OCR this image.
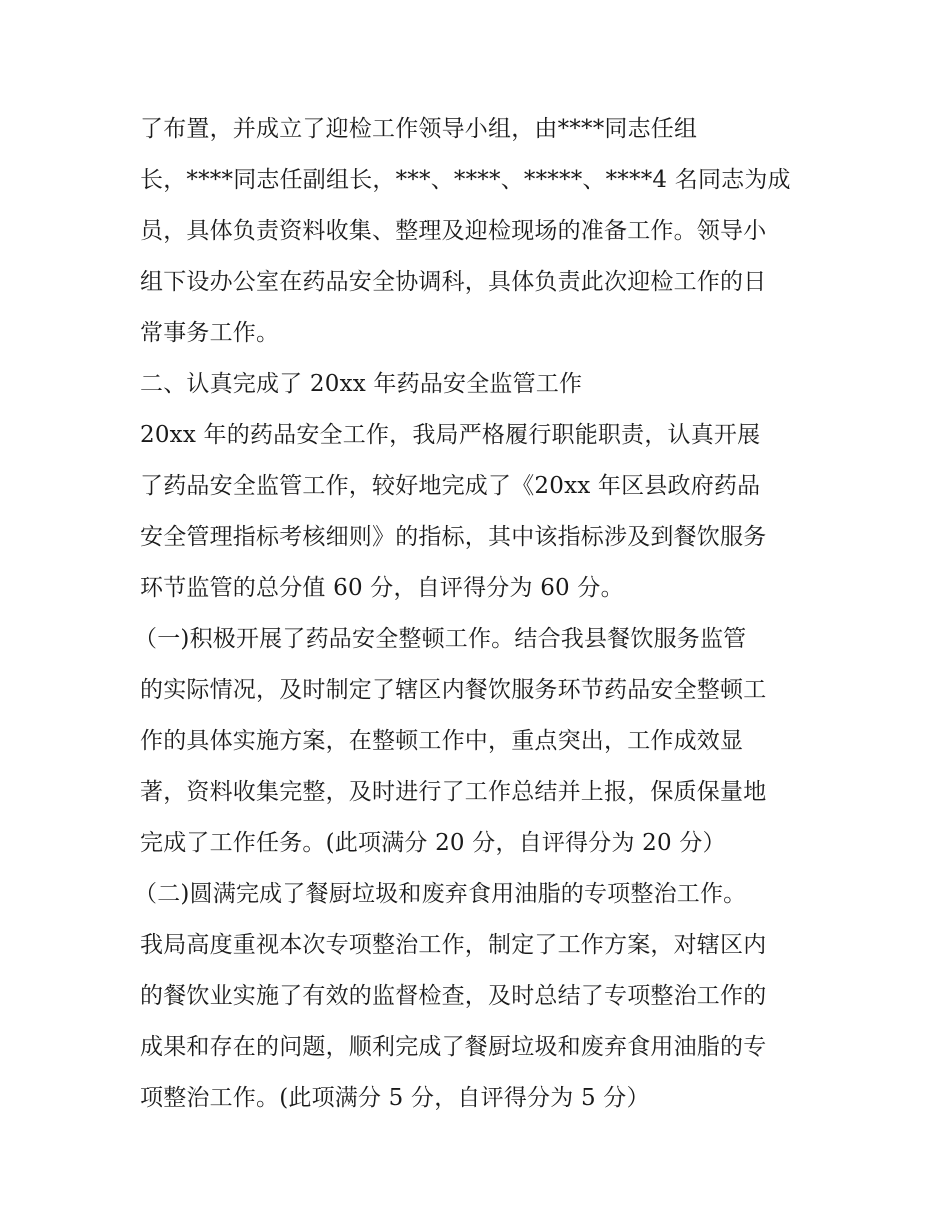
了布置，并成立了迎检工作领导小组，由****同志任组
长，****同志任副组长，***、****、*****、****4 名同志为成
员，具体负责资料收集、整理及迎检现场的准备工作。领导小
组下设办公室在药品安全协调科，具体负责此次迎检工作的日
常事务工作。
二、认真完成了 20xx 年药品安全监管工作
20xx 年的药品安全工作，我局严格履行职能职责，认真开展
了药品安全监管工作，较好地完成了《20xx 年区县政府药品
安全管理指标考核细则》的指标，其中该指标涉及到餐饮服务
环节监管的总分值 60 分，自评得分为 60 分。
（一)积极开展了药品安全整顿工作。结合我县餐饮服务监管
的实际情况，及时制定了辖区内餐饮服务环节药品安全整顿工
作的具体实施方案，在整顿工作中，重点突出，工作成效显
著，资料收集完整，及时进行了工作总结并上报，保质保量地
完成了工作任务。(此项满分 20 分，自评得分为 20 分）
（二)圆满完成了餐厨垃圾和废弃食用油脂的专项整治工作。
我局高度重视本次专项整治工作，制定了工作方案，对辖区内
的餐饮业实施了有效的监督检查，及时总结了专项整治工作的
成果和存在的问题，顺利完成了餐厨垃圾和废弃食用油脂的专
项整治工作。(此项满分 5 分，自评得分为 5 分）
